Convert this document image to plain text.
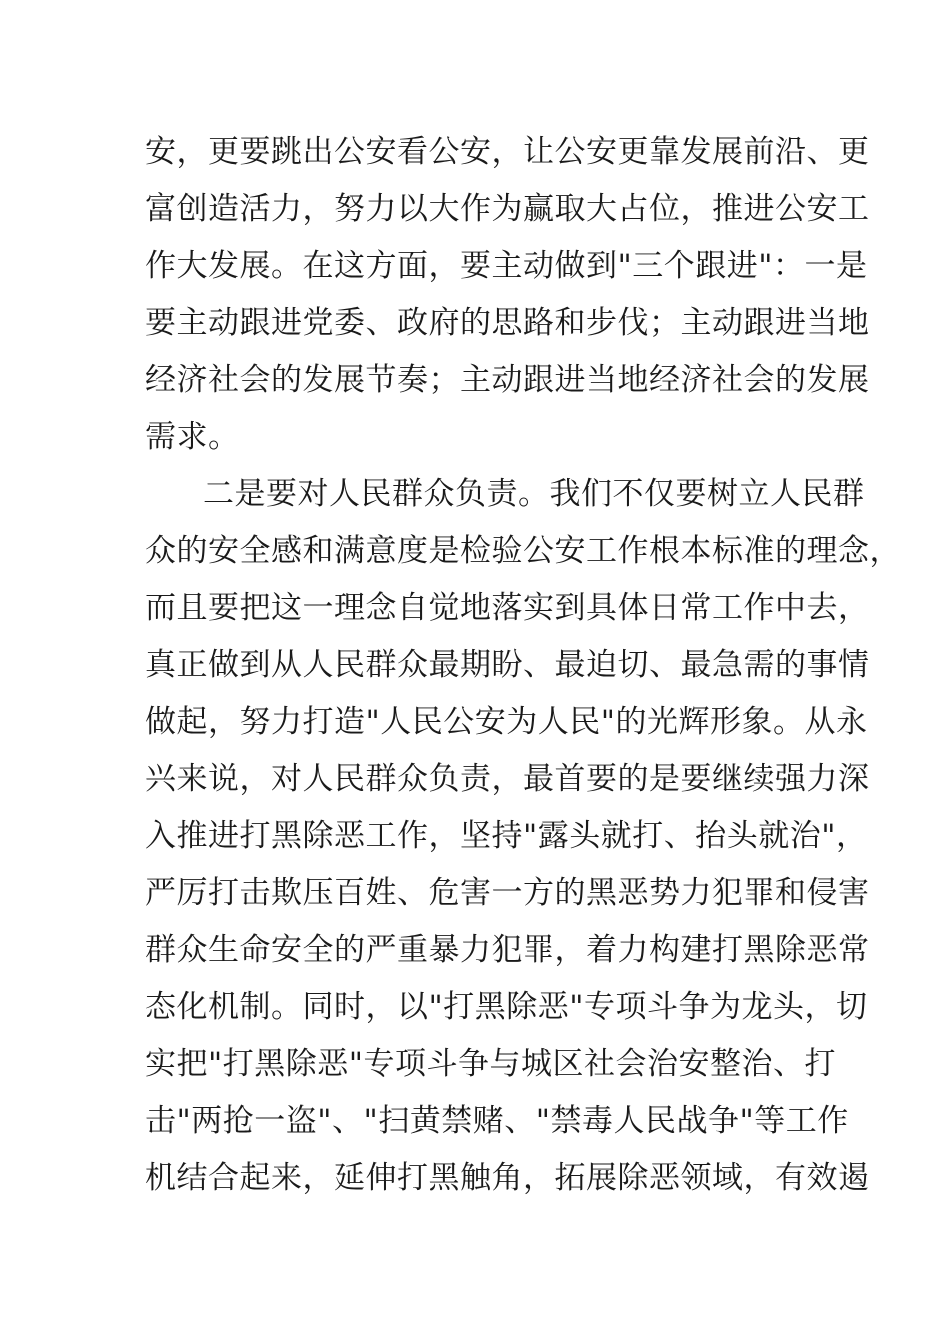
安，更要跳出公安看公安，让公安更靠发展前沿、更
富创造活力，努力以大作为赢取大占位，推进公安工
作大发展。在这方面，要主动做到"三个跟进"：一是
要主动跟进党委、政府的思路和步伐；主动跟进当地
经济社会的发展节奏；主动跟进当地经济社会的发展
需求。
二是要对人民群众负责。我们不仅要树立人民群
众的安全感和满意度是检验公安工作根本标准的理念，
而且要把这一理念自觉地落实到具体日常工作中去，
真正做到从人民群众最期盼、最迫切、最急需的事情
做起，努力打造"人民公安为人民"的光辉形象。从永
兴来说，对人民群众负责，最首要的是要继续强力深
入推进打黑除恶工作，坚持"露头就打、抬头就治"，
严厉打击欺压百姓、危害一方的黑恶势力犯罪和侵害
群众生命安全的严重暴力犯罪，着力构建打黑除恶常
态化机制。同时，以"打黑除恶"专项斗争为龙头，切
实把"打黑除恶"专项斗争与城区社会治安整治、打
击"两抢一盗"、"扫黄禁赌、"禁毒人民战争"等工作
机结合起来，延伸打黑触角，拓展除恶领域，有效遏
